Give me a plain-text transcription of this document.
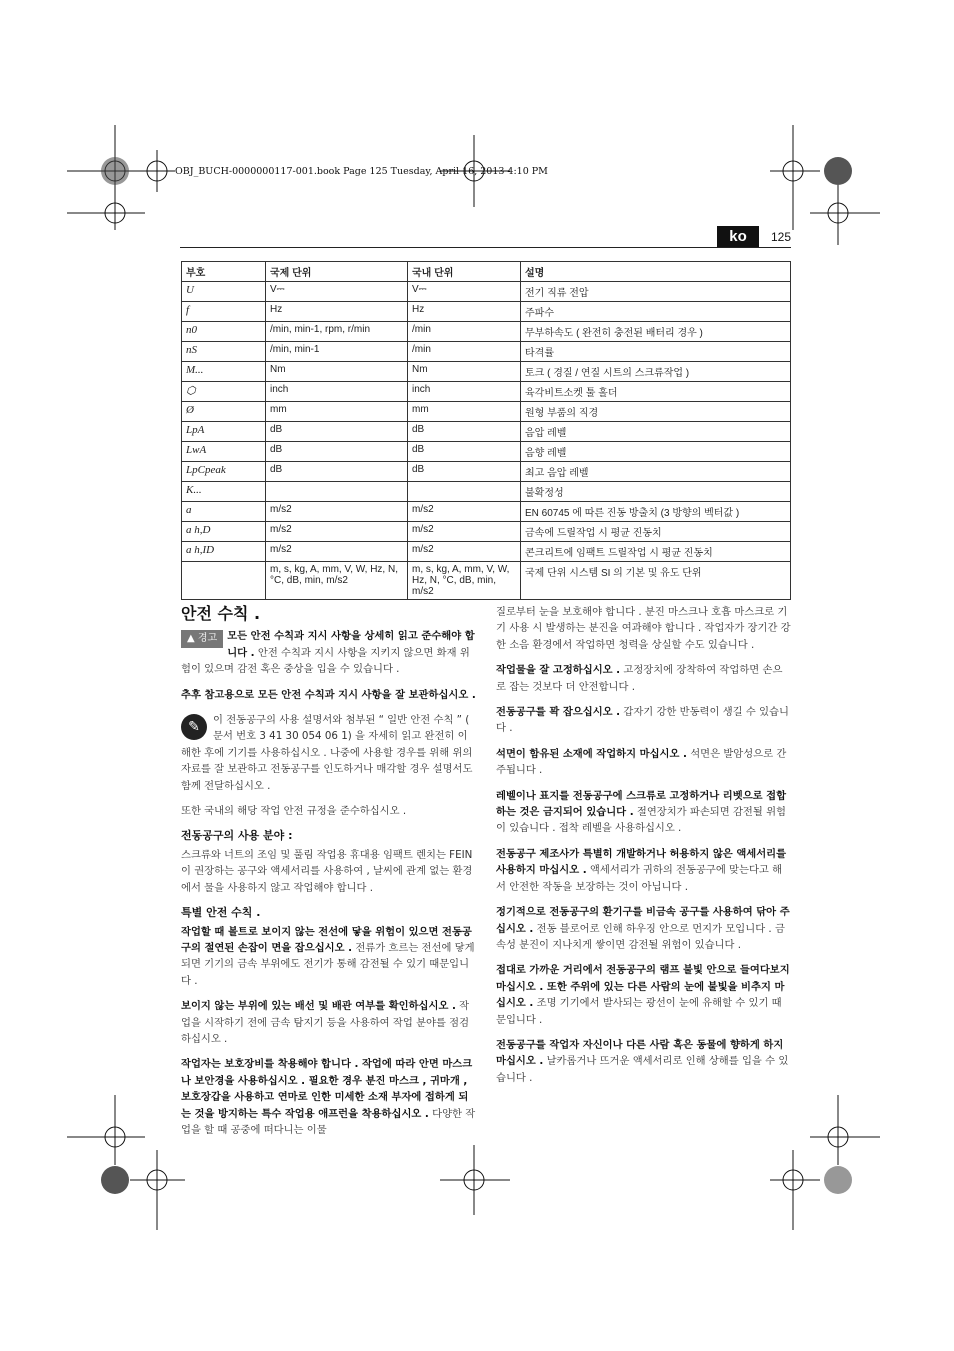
OBJ_BUCH-0000000117-001.book Page 125 Tuesday, April 16, 2013 4:10 PM
ko	125
부호	국제 단위	국내 단위	설명
U	V⎓	V⎓	전기 직류 전압
f	Hz	Hz	주파수
n0	/min, min-1, rpm, r/min	/min	무부하속도 ( 완전히 충전된 배터리 경우 )
nS	/min, min-1	/min	타격률
M...	Nm	Nm	토크 ( 경질 / 연질 시트의 스크류작업 )
⬡	inch	inch	육각비트소켓 툴 홀더
Ø	mm	mm	원형 부품의 직경
LpA	dB	dB	음압 레벨
LwA	dB	dB	음향 레벨
LpCpeak	dB	dB	최고 음압 레벨
K...			불확정성
a	m/s2	m/s2	EN 60745 에 따른 진동 방출치 (3 방향의 벡터값 )
a h,D	m/s2	m/s2	금속에 드릴작업 시 평균 진동치
a h,ID	m/s2	m/s2	콘크리트에 임팩트 드릴작업 시 평균 진동치
	m, s, kg, A, mm, V, W, Hz, N, °C, dB, min, m/s2	m, s, kg, A, mm, V, W, Hz, N, °C, dB, min, m/s2	국제 단위 시스템 SI 의 기본 및 유도 단위
안전 수칙 .

▲ 경고 모든 안전 수칙과 지시 사항을 상세히 읽고 준수해야 합니다 . 안전 수칙과 지시 사항을 지키지 않으면 화재 위험이 있으며 감전 혹은 중상을 입을 수 있습니다 .

추후 참고용으로 모든 안전 수칙과 지시 사항을 잘 보관하십시오 .

✎	이 전동공구의 사용 설명서와 첨부된 “ 일반 안전 수칙 ” ( 문서 번호 3 41 30 054 06 1) 을 자세히 읽고 완전히 이해한 후에 기기를 사용하십시오 . 나중에 사용할 경우를 위해 위의 자료를 잘 보관하고 전동공구를 인도하거나 매각할 경우 설명서도 함께 전달하십시오 .

또한 국내의 해당 작업 안전 규정을 준수하십시오 .

전동공구의 사용 분야 :

스크류와 너트의 조임 및 풀림 작업용 휴대용 임팩트 렌치는 FEIN 이 권장하는 공구와 액세서리를 사용하여 , 날씨에 관계 없는 환경에서 물을 사용하지 않고 작업해야 합니다 .

특별 안전 수칙 .

작업할 때 볼트로 보이지 않는 전선에 닿을 위험이 있으면 전동공구의 절연된 손잡이 면을 잡으십시오 . 전류가 흐르는 전선에 닿게되면 기기의 금속 부위에도 전기가 통해 감전될 수 있기 때문입니다 .

보이지 않는 부위에 있는 배선 및 배관 여부를 확인하십시오 . 작업을 시작하기 전에 금속 탐지기 등을 사용하여 작업 분야를 점검하십시오 .

작업자는 보호장비를 착용해야 합니다 . 작업에 따라 안면 마스크나 보안경을 사용하십시오 . 필요한 경우 분진 마스크 , 귀마개 , 보호장갑을 사용하고 연마로 인한 미세한 소재 부자에 접하게 되는 것을 방지하는 특수 작업용 애프런을 착용하십시오 . 다양한 작업을 할 때 공중에 떠다니는 이물

질로부터 눈을 보호해야 합니다 . 분진 마스크나 호흡 마스크로 기기 사용 시 발생하는 분진을 여과해야 합니다 . 작업자가 장기간 강한 소음 환경에서 작업하면 청력을 상실할 수도 있습니다 .

작업물을 잘 고정하십시오 . 고정장치에 장착하여 작업하면 손으로 잡는 것보다 더 안전합니다 .

전동공구를 꽉 잡으십시오 . 갑자기 강한 반동력이 생길 수 있습니다 .

석면이 함유된 소재에 작업하지 마십시오 . 석면은 발암성으로 간주됩니다 .

레벨이나 표지를 전동공구에 스크류로 고정하거나 리벳으로 접합하는 것은 금지되어 있습니다 . 절연장치가 파손되면 감전될 위험이 있습니다 . 접착 레벨을 사용하십시오 .

전동공구 제조사가 특별히 개발하거나 허용하지 않은 액세서리를 사용하지 마십시오 . 액세서리가 귀하의 전동공구에 맞는다고 해서 안전한 작동을 보장하는 것이 아닙니다 .

정기적으로 전동공구의 환기구를 비금속 공구를 사용하여 닦아 주십시오 . 전동 블로어로 인해 하우징 안으로 먼지가 모입니다 . 금속성 분진이 지나치게 쌓이면 감전될 위험이 있습니다 .

접대로 가까운 거리에서 전동공구의 램프 불빛 안으로 들여다보지 마십시오 . 또한 주위에 있는 다른 사람의 눈에 불빛을 비추지 마십시오 . 조명 기기에서 발사되는 광선이 눈에 유해할 수 있기 때문입니다 .

전동공구를 작업자 자신이나 다른 사람 혹은 동물에 향하게 하지 마십시오 . 날카롭거나 뜨거운 액세서리로 인해 상해를 입을 수 있습니다 .
